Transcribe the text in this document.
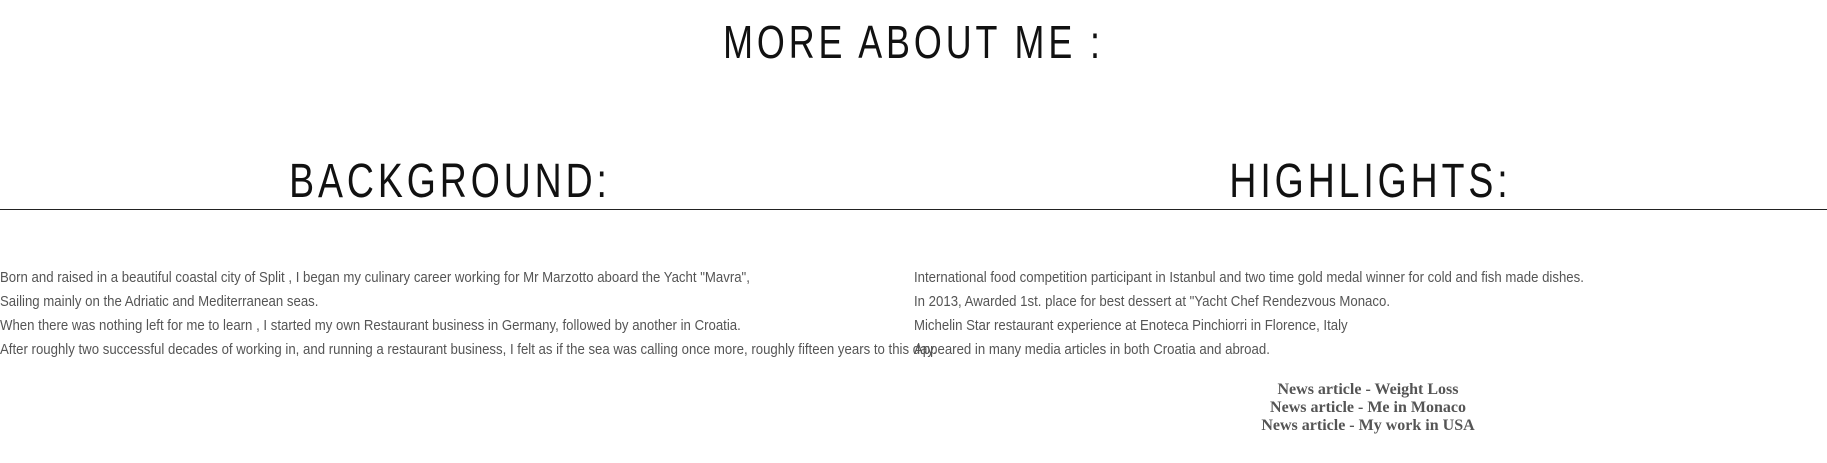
MORE ABOUT ME :
BACKGROUND:	HIGHLIGHTS:
Born and raised in a beautiful coastal city of Split , I began my culinary career working for Mr Marzotto aboard the Yacht "Mavra",
Sailing mainly on the Adriatic and Mediterranean seas.
When there was nothing left for me to learn , I started my own Restaurant business in Germany, followed by another in Croatia.
After roughly two successful decades of working in, and running a restaurant business, I felt as if the sea was calling once more, roughly fifteen years to this day.
International food competition participant in Istanbul and two time gold medal winner for cold and fish made dishes.
In 2013, Awarded 1st. place for best dessert at "Yacht Chef Rendezvous Monaco.
Michelin Star restaurant experience at Enoteca Pinchiorri in Florence, Italy
Appeared in many media articles in both Croatia and abroad.
News article - Weight Loss
News article - Me in Monaco
News article - My work in USA
